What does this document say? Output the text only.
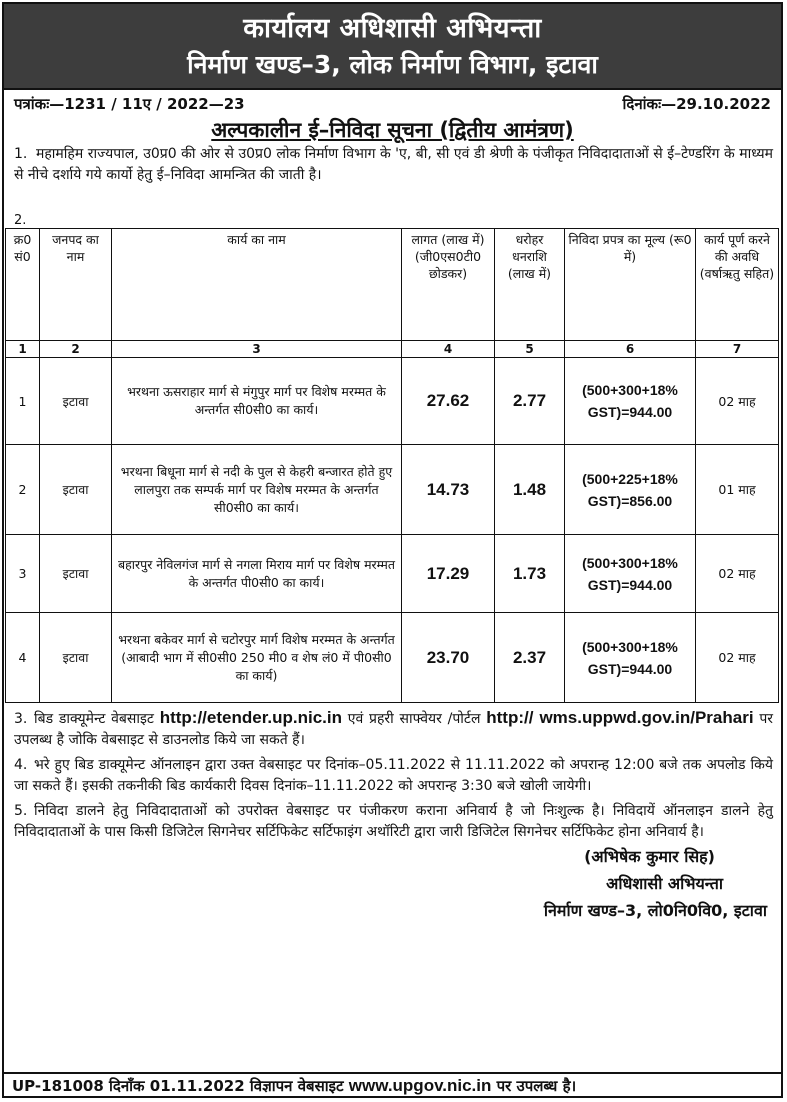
कार्यालय अधिशासी अभियन्ता
निर्माण खण्ड–3, लोक निर्माण विभाग, इटावा
पत्रांकः—1231 / 11ए / 2022—23	दिनांकः—29.10.2022
अल्पकालीन ई–निविदा सूचना (द्वितीय आमंत्रण)
1. महामहिम राज्यपाल, उ0प्र0 की ओर से उ0प्र0 लोक निर्माण विभाग के 'ए, बी, सी एवं डी श्रेणी के पंजीकृत निविदादाताओं से ई–टेण्डरिंग के माध्यम से नीचे दर्शाये गये कार्यो हेतु ई–निविदा आमन्त्रित की जाती है।
2.
क्र0 सं0	जनपद का नाम	कार्य का नाम	लागत (लाख में) (जी0एस0टी0 छोडकर)	धरोहर धनराशि (लाख में)	निविदा प्रपत्र का मूल्य (रू0 में)	कार्य पूर्ण करने की अवधि (वर्षाऋतु सहित)
1	2	3	4	5	6	7
1	इटावा	भरथना ऊसराहार मार्ग से मंगुपुर मार्ग पर विशेष मरम्मत के अन्तर्गत सी0सी0 का कार्य।	27.62	2.77	(500+300+18% GST)=944.00	02 माह
2	इटावा	भरथना बिधूना मार्ग से नदी के पुल से केहरी बन्जारत होते हुए लालपुरा तक सम्पर्क मार्ग पर विशेष मरम्मत के अन्तर्गत सी0सी0 का कार्य।	14.73	1.48	(500+225+18% GST)=856.00	01 माह
3	इटावा	बहारपुर नेविलगंज मार्ग से नगला मिराय मार्ग पर विशेष मरम्मत के अन्तर्गत पी0सी0 का कार्य।	17.29	1.73	(500+300+18% GST)=944.00	02 माह
4	इटावा	भरथना बकेवर मार्ग से चटोरपुर मार्ग विशेष मरम्मत के अन्तर्गत (आबादी भाग में सी0सी0 250 मी0 व शेष लं0 में पी0सी0 का कार्य)	23.70	2.37	(500+300+18% GST)=944.00	02 माह
3. बिड डाक्यूमेन्ट वेबसाइट http://etender.up.nic.in एवं प्रहरी साफ्वेयर /पोर्टल http:// wms.uppwd.gov.in/Prahari पर उपलब्ध है जोकि वेबसाइट से डाउनलोड किये जा सकते हैं।
4. भरे हुए बिड डाक्यूमेन्ट ऑनलाइन द्वारा उक्त वेबसाइट पर दिनांक–05.11.2022 से 11.11.2022 को अपरान्ह 12:00 बजे तक अपलोड किये जा सकते हैं। इसकी तकनीकी बिड कार्यकारी दिवस दिनांक–11.11.2022 को अपरान्ह 3:30 बजे खोली जायेगी।
5. निविदा डालने हेतु निविदादाताओं को उपरोक्त वेबसाइट पर पंजीकरण कराना अनिवार्य है जो निःशुल्क है। निविदायें ऑनलाइन डालने हेतु निविदादाताओं के पास किसी डिजिटेल सिगनेचर सर्टिफिकेट सर्टिफाइंग अथॉरिटी द्वारा जारी डिजिटेल सिगनेचर सर्टिफिकेट होना अनिवार्य है।
(अभिषेक कुमार सिह)
अधिशासी अभियन्ता
निर्माण खण्ड–3, लो0नि0वि0, इटावा
UP-181008 दिनाँक 01.11.2022 विज्ञापन वेबसाइट www.upgov.nic.in पर उपलब्ध है।
